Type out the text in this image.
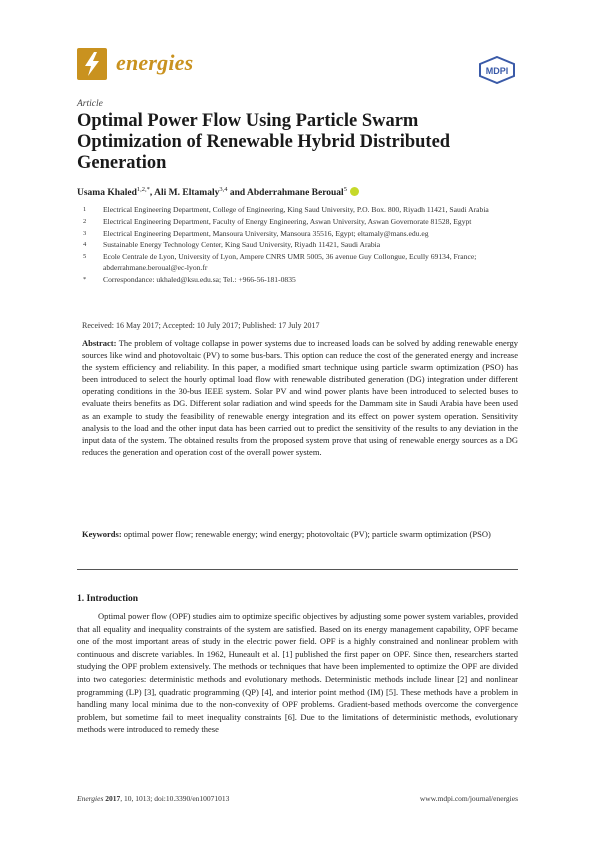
energies	MDPI
Article
Optimal Power Flow Using Particle Swarm Optimization of Renewable Hybrid Distributed Generation
Usama Khaled$^{1,2,*}$, Ali M. Eltamaly$^{3,4}$ and Abderrahmane Beroual$^5$
1	Electrical Engineering Department, College of Engineering, King Saud University, P.O. Box. 800, Riyadh 11421, Saudi Arabia
2	Electrical Engineering Department, Faculty of Energy Engineering, Aswan University, Aswan Governorate 81528, Egypt
3	Electrical Engineering Department, Mansoura University, Mansoura 35516, Egypt; eltamaly@mans.edu.eg
4	Sustainable Energy Technology Center, King Saud University, Riyadh 11421, Saudi Arabia
5	Ecole Centrale de Lyon, University of Lyon, Ampere CNRS UMR 5005, 36 avenue Guy Collongue, Ecully 69134, France; abderrahmane.beroual@ec-lyon.fr
*	Correspondance: ukhaled@ksu.edu.sa; Tel.: +966-56-181-0835
Received: 16 May 2017; Accepted: 10 July 2017; Published: 17 July 2017
Abstract: The problem of voltage collapse in power systems due to increased loads can be solved by adding renewable energy sources like wind and photovoltaic (PV) to some bus-bars. This option can reduce the cost of the generated energy and increase the system efficiency and reliability. In this paper, a modified smart technique using particle swarm optimization (PSO) has been introduced to select the hourly optimal load flow with renewable distributed generation (DG) integration under different operating conditions in the 30-bus IEEE system. Solar PV and wind power plants have been introduced to selected buses to evaluate theirs benefits as DG. Different solar radiation and wind speeds for the Dammam site in Saudi Arabia have been used as an example to study the feasibility of renewable energy integration and its effect on power system operation. Sensitivity analysis to the load and the other input data has been carried out to predict the sensitivity of the results to any deviation in the input data of the system. The obtained results from the proposed system prove that using of renewable energy sources as a DG reduces the generation and operation cost of the overall power system.
Keywords: optimal power flow; renewable energy; wind energy; photovoltaic (PV); particle swarm optimization (PSO)
1. Introduction
Optimal power flow (OPF) studies aim to optimize specific objectives by adjusting some power system variables, provided that all equality and inequality constraints of the system are satisfied. Based on its energy management capability, OPF became one of the most important areas of study in the electric power field. OPF is a highly constrained and nonlinear problem with continuous and discrete variables. In 1962, Huneault et al. [1] published the first paper on OPF. Since then, researchers started studying the OPF problem extensively. The methods or techniques that have been implemented to optimize the OPF are divided into two categories: deterministic methods and evolutionary methods. Deterministic methods include linear [2] and nonlinear programming (LP) [3], quadratic programming (QP) [4], and interior point method (IM) [5]. These methods have a problem in handling many local minima due to the non-convexity of OPF problems. Gradient-based methods overcome the convergence problem, but sometime fail to meet inequality constraints [6]. Due to the limitations of deterministic methods, evolutionary methods were introduced to remedy these
Energies 2017, 10, 1013; doi:10.3390/en10071013	www.mdpi.com/journal/energies
